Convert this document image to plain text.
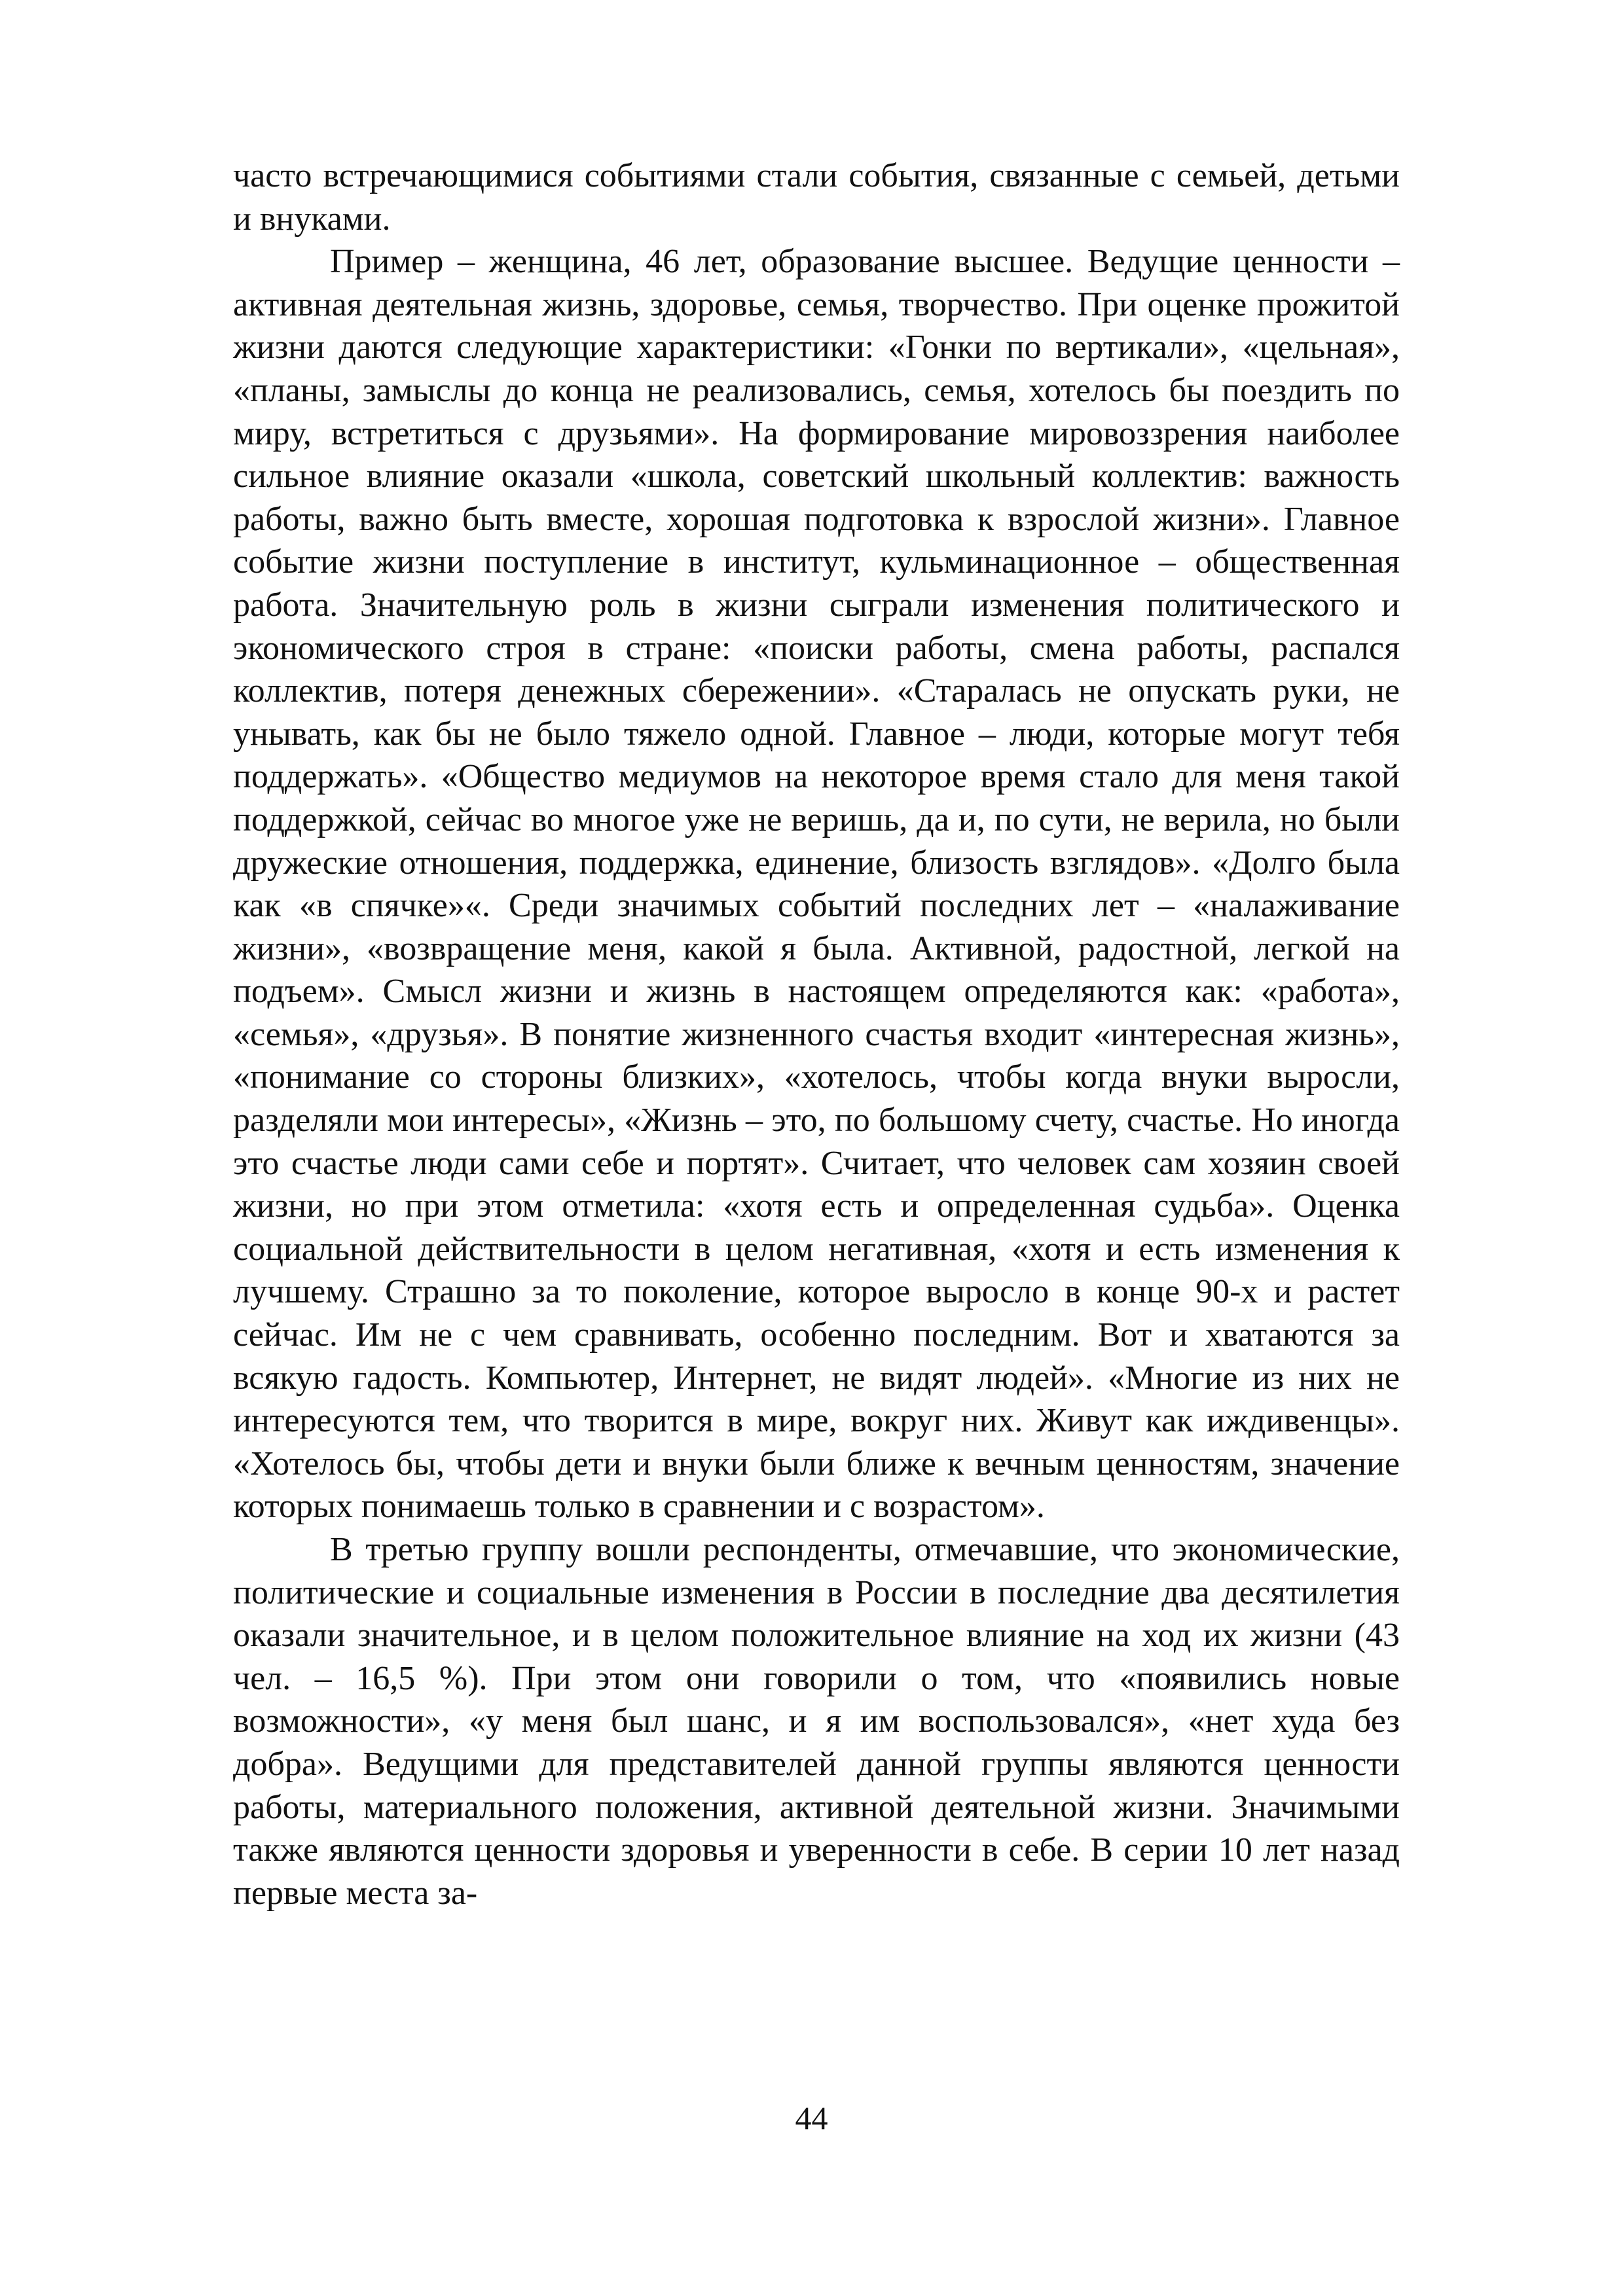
часто встречающимися событиями стали события, связанные с семьей, детьми и внуками.

Пример – женщина, 46 лет, образование высшее. Ведущие ценности – активная деятельная жизнь, здоровье, семья, творчество. При оценке прожитой жизни даются следующие характеристики: «Гонки по вертикали», «цельная», «планы, замыслы до конца не реализовались, семья, хотелось бы поездить по миру, встретиться с друзьями». На формирование мировоззрения наиболее сильное влияние оказали «школа, советский школьный коллектив: важность работы, важно быть вместе, хорошая подготовка к взрослой жизни». Главное событие жизни поступление в институт, кульминационное – общественная работа. Значительную роль в жизни сыграли изменения политического и экономического строя в стране: «поиски работы, смена работы, распался коллектив, потеря денежных сбережении». «Старалась не опускать руки, не унывать, как бы не было тяжело одной. Главное – люди, которые могут тебя поддержать». «Общество медиумов на некоторое время стало для меня такой поддержкой, сейчас во многое уже не веришь, да и, по сути, не верила, но были дружеские отношения, поддержка, единение, близость взглядов». «Долго была как «в спячке»«. Среди значимых событий последних лет – «налаживание жизни», «возвращение меня, какой я была. Активной, радостной, легкой на подъем». Смысл жизни и жизнь в настоящем определяются как: «работа», «семья», «друзья». В понятие жизненного счастья входит «интересная жизнь», «понимание со стороны близких», «хотелось, чтобы когда внуки выросли, разделяли мои интересы», «Жизнь – это, по большому счету, счастье. Но иногда это счастье люди сами себе и портят». Считает, что человек сам хозяин своей жизни, но при этом отметила: «хотя есть и определенная судьба». Оценка социальной действительности в целом негативная, «хотя и есть изменения к лучшему. Страшно за то поколение, которое выросло в конце 90-х и растет сейчас. Им не с чем сравнивать, особенно последним. Вот и хватаются за всякую гадость. Компьютер, Интернет, не видят людей». «Многие из них не интересуются тем, что творится в мире, вокруг них. Живут как иждивенцы». «Хотелось бы, чтобы дети и внуки были ближе к вечным ценностям, значение которых понимаешь только в сравнении и с возрастом».

В третью группу вошли респонденты, отмечавшие, что экономические, политические и социальные изменения в России в последние два десятилетия оказали значительное, и в целом положительное влияние на ход их жизни (43 чел. – 16,5 %). При этом они говорили о том, что «появились новые возможности», «у меня был шанс, и я им воспользовался», «нет худа без добра». Ведущими для представителей данной группы являются ценности работы, материального положения, активной деятельной жизни. Значимыми также являются ценности здоровья и уверенности в себе. В серии 10 лет назад первые места за-

44
